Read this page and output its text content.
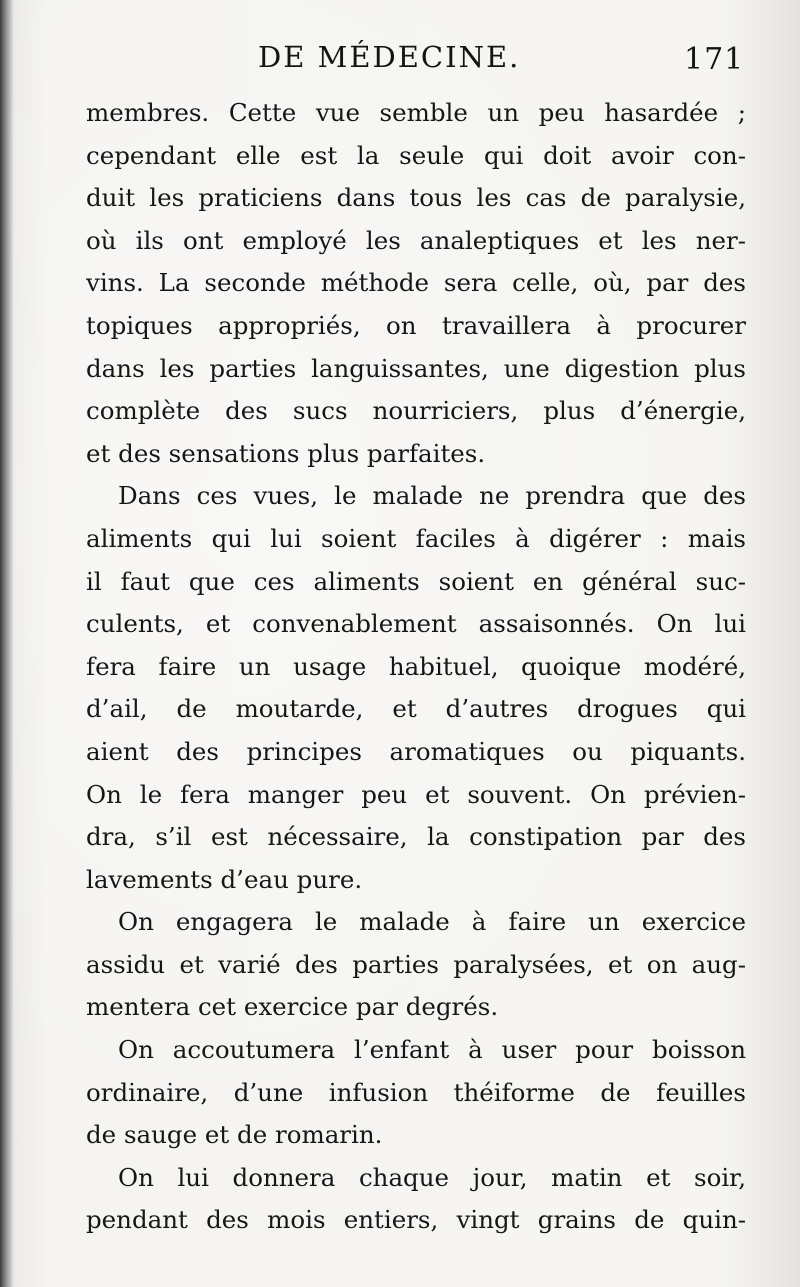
DE MÉDECINE.	171
membres. Cette vue semble un peu hasardée ;
cependant elle est la seule qui doit avoir con-
duit les praticiens dans tous les cas de paralysie,
où ils ont employé les analeptiques et les ner-
vins. La seconde méthode sera celle, où, par des
topiques appropriés, on travaillera à procurer
dans les parties languissantes, une digestion plus
complète des sucs nourriciers, plus d’énergie,
et des sensations plus parfaites.
Dans ces vues, le malade ne prendra que des
aliments qui lui soient faciles à digérer : mais
il faut que ces aliments soient en général suc-
culents, et convenablement assaisonnés. On lui
fera faire un usage habituel, quoique modéré,
d’ail, de moutarde, et d’autres drogues qui
aient des principes aromatiques ou piquants.
On le fera manger peu et souvent. On prévien-
dra, s’il est nécessaire, la constipation par des
lavements d’eau pure.
On engagera le malade à faire un exercice
assidu et varié des parties paralysées, et on aug-
mentera cet exercice par degrés.
On accoutumera l’enfant à user pour boisson
ordinaire, d’une infusion théiforme de feuilles
de sauge et de romarin.
On lui donnera chaque jour, matin et soir,
pendant des mois entiers, vingt grains de quin-
